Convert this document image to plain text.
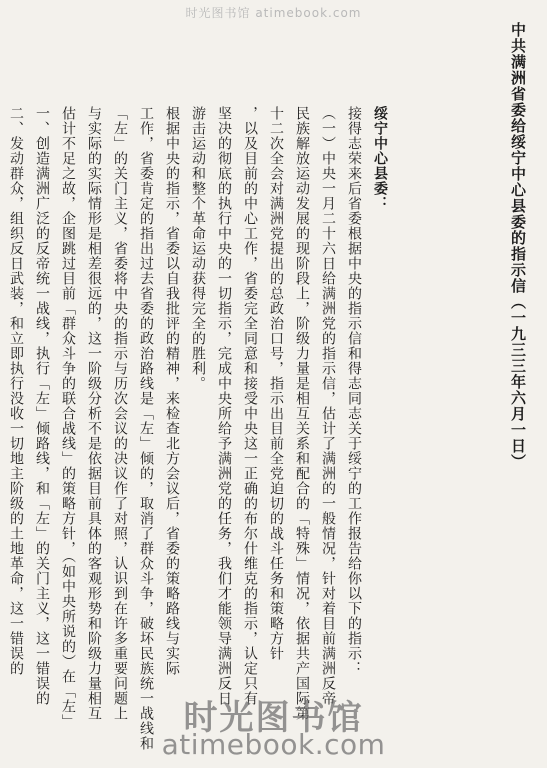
时光图书馆 atimebook.com
中共满洲省委给绥宁中心县委的指示信（一九三三年六月一日）
绥宁中心县委：
接得志荣来后省委根据中央的指示信和得志同志关于绥宁的工作报告给你以下的指示：
（一）中央一月二十六日给满洲党的指示信，估计了满洲的一般情况，针对着目前满洲反帝
民族解放运动发展的现阶段上，阶级力量是相互关系和配合的「特殊」情况，依据共产国际第
十二次全会对满洲党提出的总政治口号，指示出目前全党迫切的战斗任务和策略方针
，以及目前的中心工作，省委完全同意和接受中央这一正确的布尔什维克的指示，认定只有
坚决的彻底的执行中央的一切指示，完成中央所给予满洲党的任务，我们才能领导满洲反日
游击运动和整个革命运动获得完全的胜利。
根据中央的指示，省委以自我批评的精神，来检查北方会议后，省委的策略路线与实际
工作，省委肯定的指出过去省委的政治路线是「左」倾的，取消了群众斗争，破坏民族统一战线和
「左」的关门主义，省委将中央的指示与历次会议的决议作了对照，认识到在许多重要问题上
与实际的实际情形是相差很远的，这一阶级分析不是依据目前具体的客观形势和阶级力量相互
估计不足之故，企图跳过目前「群众斗争的联合战线」的策略方针，（如中央所说的）在「左」
一、创造满洲广泛的反帝统一战线，执行「左」倾路线，和「左」的关门主义，这一错误的
二、发动群众，组织反日武装，和立即执行没收一切地主阶级的土地革命，这一错误的
时光图书馆
atimebook.com
